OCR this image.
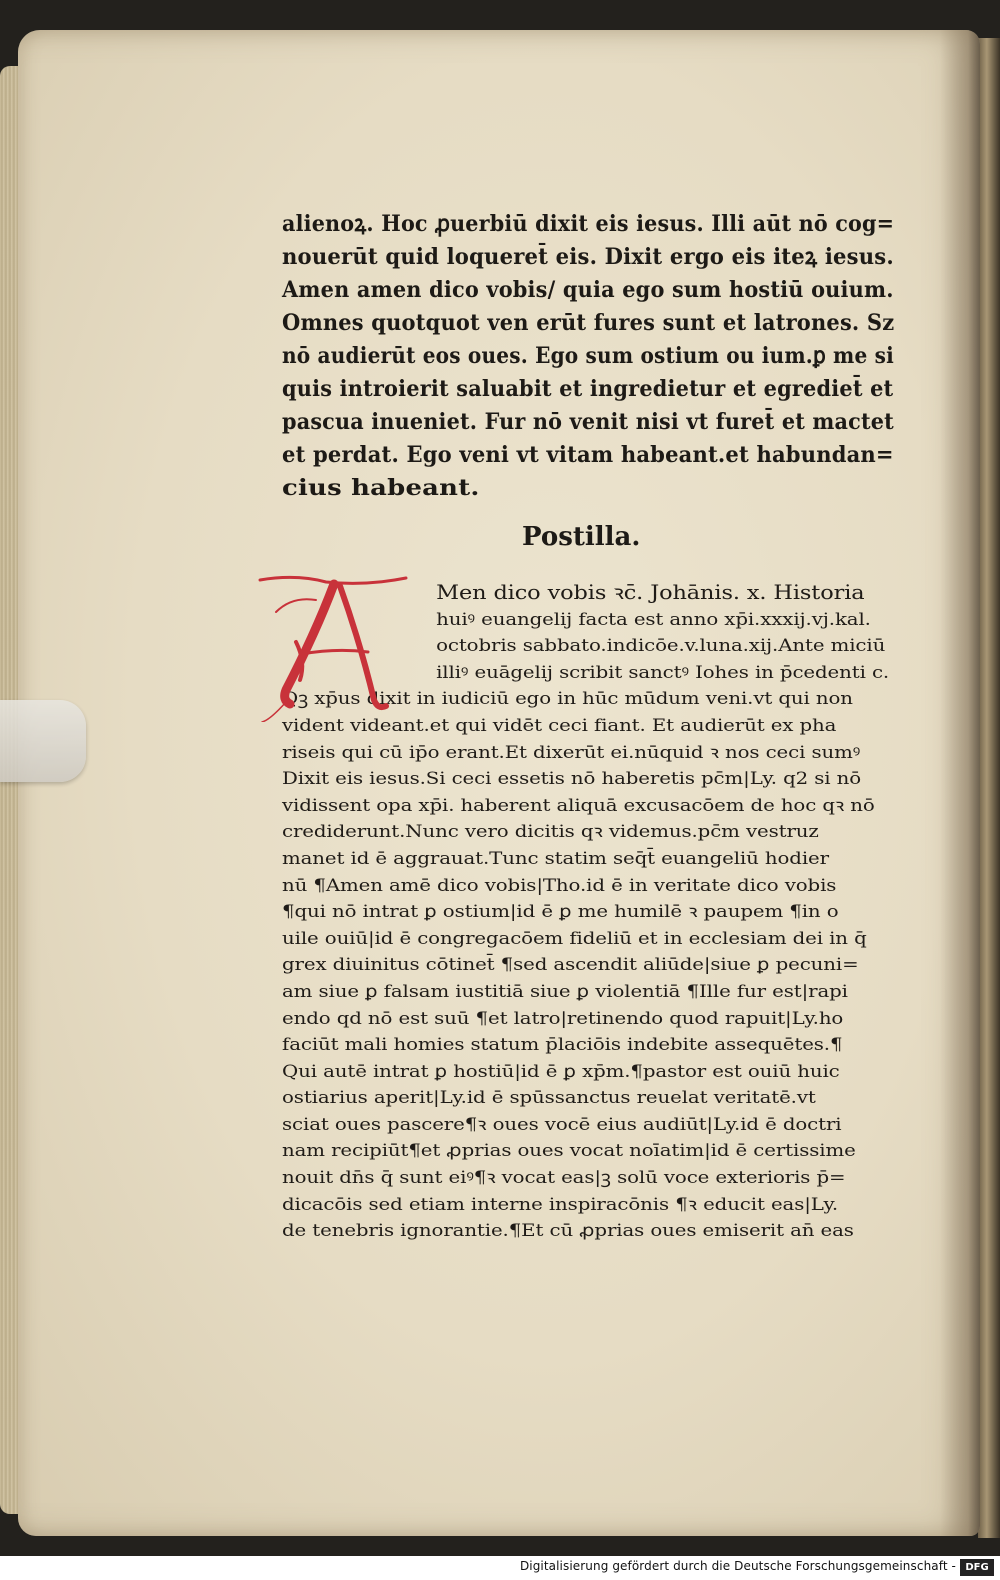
alienoꝝ. Hoc ꝓuerbiū dixit eis iesus. Illi aūt nō cog=
nouerūt quid loqueret̄ eis. Dixit ergo eis iteꝝ iesus.
Amen amen dico vobis/ quia ego sum hostiū ouium.
Omnes quotquot ven erūt fures sunt et latrones. Sz
nō audierūt eos oues. Ego sum ostium ou ium.ꝑ me si
quis introierit saluabit et ingredietur et egrediet̄ et
pascua inueniet. Fur nō venit nisi vt furet̄ et mactet
et perdat. Ego veni vt vitam habeant.et habundan=
cius habeant.
Postilla.
Men dico vobis ꝛc̄. Johānis. x. Historia
huiꝰ euangelij facta est anno xp̄i.xxxij.vj.kal.
octobris sabbato.indicōe.v.luna.xij.Ante miciū
illiꝰ euāgelij scribit sanctꝰ Iohes in p̄cedenti c.
Qꝫ xp̄us dixit in iudiciū ego in hūc mūdum veni.vt qui non
vident videant.et qui vidēt ceci fiant. Et audierūt ex pha
riseis qui cū ip̄o erant.Et dixerūt ei.nūquid ꝛ nos ceci sumꝰ
Dixit eis iesus.Si ceci essetis nō haberetis pc̄m|Ly. q2 si nō
vidissent opa xp̄i. haberent aliquā excusacōem de hoc qꝛ nō
crediderunt.Nunc vero dicitis qꝛ videmus.pc̄m vestruz
manet id ē aggrauat.Tunc statim seq̄t̄ euangeliū hodier
nū ¶Amen amē dico vobis|Tho.id ē in veritate dico vobis
¶qui nō intrat ꝑ ostium|id ē ꝑ me humilē ꝛ paupem ¶in o
uile ouiū|id ē congregacōem fideliū et in ecclesiam dei in q̄
grex diuinitus cōtinet̄ ¶sed ascendit aliūde|siue ꝑ pecuni=
am siue ꝑ falsam iustitiā siue ꝑ violentiā ¶Ille fur est|rapi
endo qd nō est suū ¶et latro|retinendo quod rapuit|Ly.ho
faciūt mali homies statum p̄laciōis indebite assequētes.¶
Qui autē intrat ꝑ hostiū|id ē ꝑ xp̄m.¶pastor est ouiū huic
ostiarius aperit|Ly.id ē spūssanctus reuelat veritatē.vt
sciat oues pascere¶ꝛ oues vocē eius audiūt|Ly.id ē doctri
nam recipiūt¶et ꝓprias oues vocat noīatim|id ē certissime
nouit dn̄s q̄ sunt eiꝰ¶ꝛ vocat eas|ꝫ solū voce exterioris p̄=
dicacōis sed etiam interne inspiracōnis ¶ꝛ educit eas|Ly.
de tenebris ignorantie.¶Et cū ꝓprias oues emiserit an̄ eas
Digitalisierung gefördert durch die Deutsche Forschungsgemeinschaft - DFG
